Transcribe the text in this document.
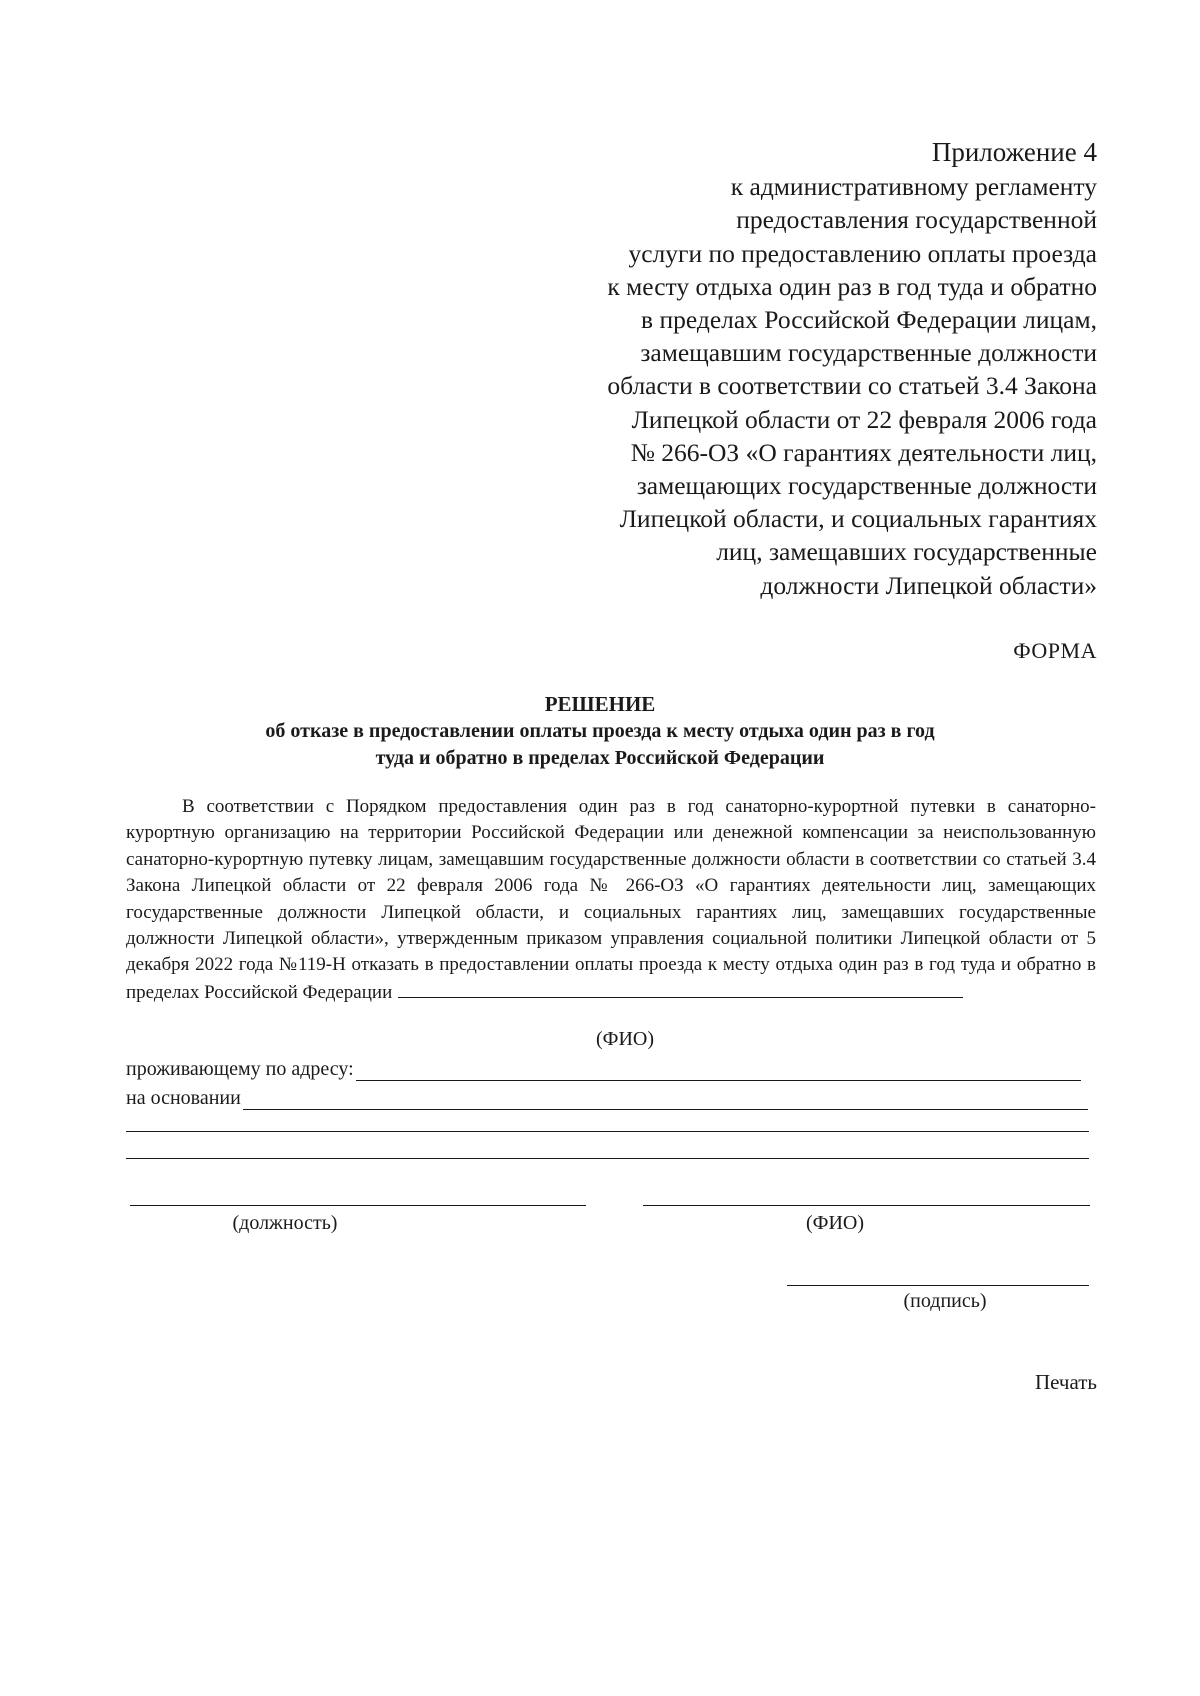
Приложение 4
к административному регламенту
предоставления государственной
услуги по предоставлению оплаты проезда
к месту отдыха один раз в год туда и обратно
в пределах Российской Федерации лицам,
замещавшим государственные должности
области в соответствии со статьей 3.4 Закона
Липецкой области от 22 февраля 2006 года
№ 266-ОЗ «О гарантиях деятельности лиц,
замещающих государственные должности
Липецкой области, и социальных гарантиях
лиц, замещавших государственные
должности Липецкой области»
ФОРМА
РЕШЕНИЕ
об отказе в предоставлении оплаты проезда к месту отдыха один раз в год
туда и обратно в пределах Российской Федерации
В соответствии с Порядком предоставления один раз в год санаторно-курортной путевки в санаторно-курортную организацию на территории Российской Федерации или денежной компенсации за неиспользованную санаторно-курортную путевку лицам, замещавшим государственные должности области в соответствии со статьей 3.4 Закона Липецкой области от 22 февраля 2006 года № 266-ОЗ «О гарантиях деятельности лиц, замещающих государственные должности Липецкой области, и социальных гарантиях лиц, замещавших государственные должности Липецкой области», утвержденным приказом управления социальной политики Липецкой области от 5 декабря 2022 года №119-Н отказать в предоставлении оплаты проезда к месту отдыха один раз в год туда и обратно в пределах Российской Федерации
(ФИО)
проживающему по адресу:
на основании
(должность)	(ФИО)
(подпись)
Печать
